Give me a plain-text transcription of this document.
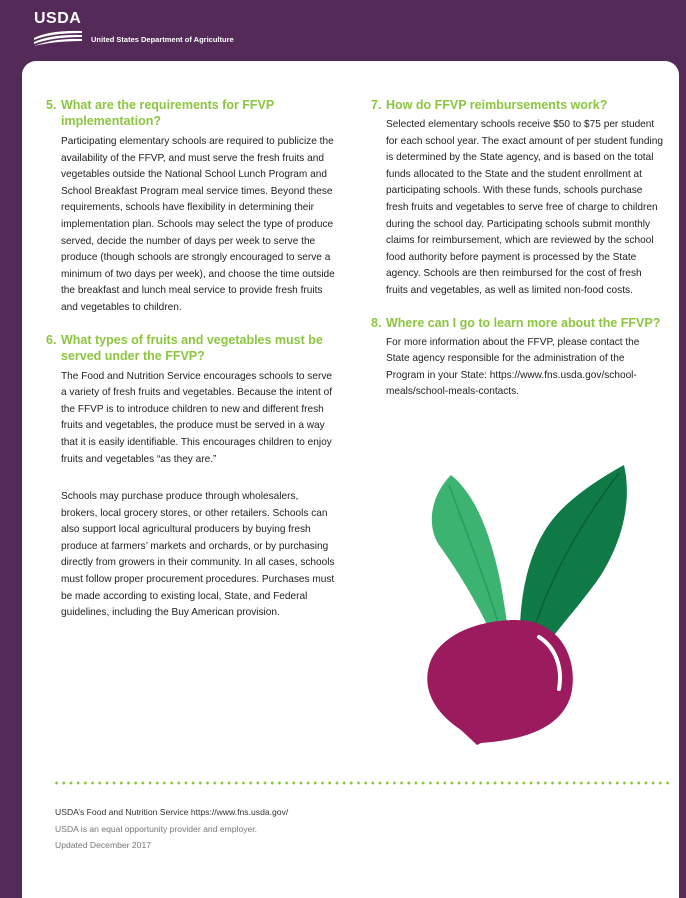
USDA
United States Department of Agriculture
5. What are the requirements for FFVP implementation?

Participating elementary schools are required to publicize the availability of the FFVP, and must serve the fresh fruits and vegetables outside the National School Lunch Program and School Breakfast Program meal service times. Beyond these requirements, schools have flexibility in determining their implementation plan. Schools may select the type of produce served, decide the number of days per week to serve the produce (though schools are strongly encouraged to serve a minimum of two days per week), and choose the time outside the breakfast and lunch meal service to provide fresh fruits and vegetables to children.

6. What types of fruits and vegetables must be served under the FFVP?

The Food and Nutrition Service encourages schools to serve a variety of fresh fruits and vegetables. Because the intent of the FFVP is to introduce children to new and different fresh fruits and vegetables, the produce must be served in a way that it is easily identifiable. This encourages children to enjoy fruits and vegetables “as they are.”

Schools may purchase produce through wholesalers, brokers, local grocery stores, or other retailers. Schools can also support local agricultural producers by buying fresh produce at farmers’ markets and orchards, or by purchasing directly from growers in their community. In all cases, schools must follow proper procurement procedures. Purchases must be made according to existing local, State, and Federal guidelines, including the Buy American provision.

7. How do FFVP reimbursements work?

Selected elementary schools receive $50 to $75 per student for each school year. The exact amount of per student funding is determined by the State agency, and is based on the total funds allocated to the State and the student enrollment at participating schools. With these funds, schools purchase fresh fruits and vegetables to serve free of charge to children during the school day. Participating schools submit monthly claims for reimbursement, which are reviewed by the school food authority before payment is processed by the State agency. Schools are then reimbursed for the cost of fresh fruits and vegetables, as well as limited non-food costs.

8. Where can I go to learn more about the FFVP?

For more information about the FFVP, please contact the State agency responsible for the administration of the Program in your State: https://www.fns.usda.gov/school-meals/school-meals-contacts.

USDA’s Food and Nutrition Service https://www.fns.usda.gov/
USDA is an equal opportunity provider and employer.
Updated December 2017
